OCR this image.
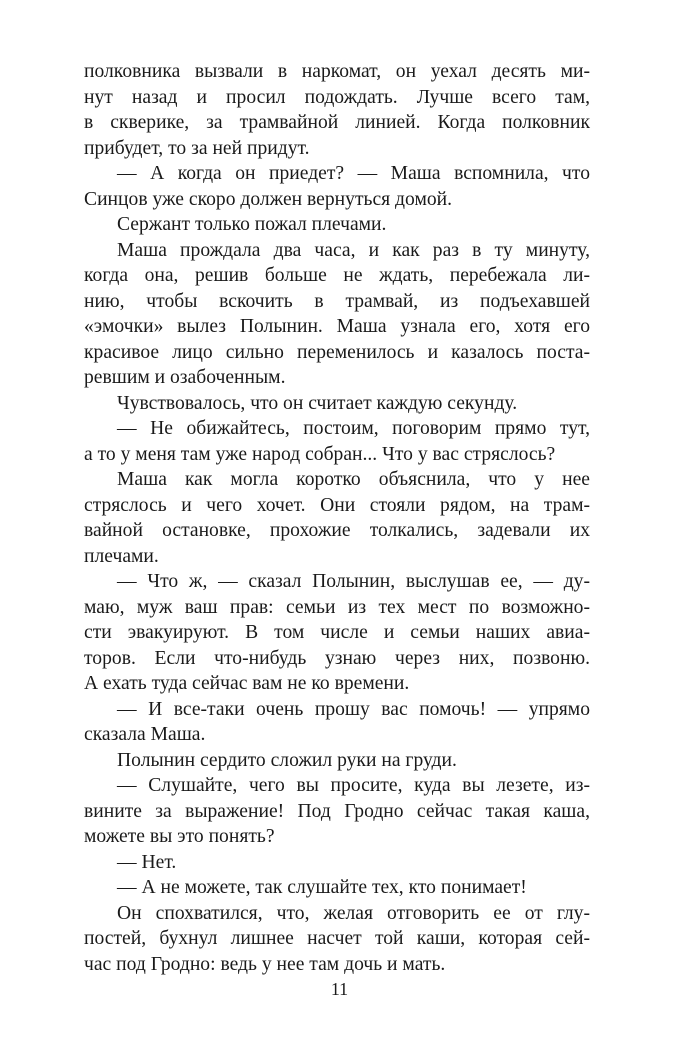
полковника вызвали в наркомат, он уехал десять ми-
нут назад и просил подождать. Лучше всего там,
в скверике, за трамвайной линией. Когда полковник
прибудет, то за ней придут.
— А когда он приедет? — Маша вспомнила, что
Синцов уже скоро должен вернуться домой.
Сержант только пожал плечами.
Маша прождала два часа, и как раз в ту минуту,
когда она, решив больше не ждать, перебежала ли-
нию, чтобы вскочить в трамвай, из подъехавшей
«эмочки» вылез Полынин. Маша узнала его, хотя его
красивое лицо сильно переменилось и казалось поста-
ревшим и озабоченным.
Чувствовалось, что он считает каждую секунду.
— Не обижайтесь, постоим, поговорим прямо тут,
а то у меня там уже народ собран... Что у вас стряслось?
Маша как могла коротко объяснила, что у нее
стряслось и чего хочет. Они стояли рядом, на трам-
вайной остановке, прохожие толкались, задевали их
плечами.
— Что ж, — сказал Полынин, выслушав ее, — ду-
маю, муж ваш прав: семьи из тех мест по возможно-
сти эвакуируют. В том числе и семьи наших авиа-
торов. Если что-нибудь узнаю через них, позвоню.
А ехать туда сейчас вам не ко времени.
— И все-таки очень прошу вас помочь! — упрямо
сказала Маша.
Полынин сердито сложил руки на груди.
— Слушайте, чего вы просите, куда вы лезете, из-
вините за выражение! Под Гродно сейчас такая каша,
можете вы это понять?
— Нет.
— А не можете, так слушайте тех, кто понимает!
Он спохватился, что, желая отговорить ее от глу-
постей, бухнул лишнее насчет той каши, которая сей-
час под Гродно: ведь у нее там дочь и мать.
11
